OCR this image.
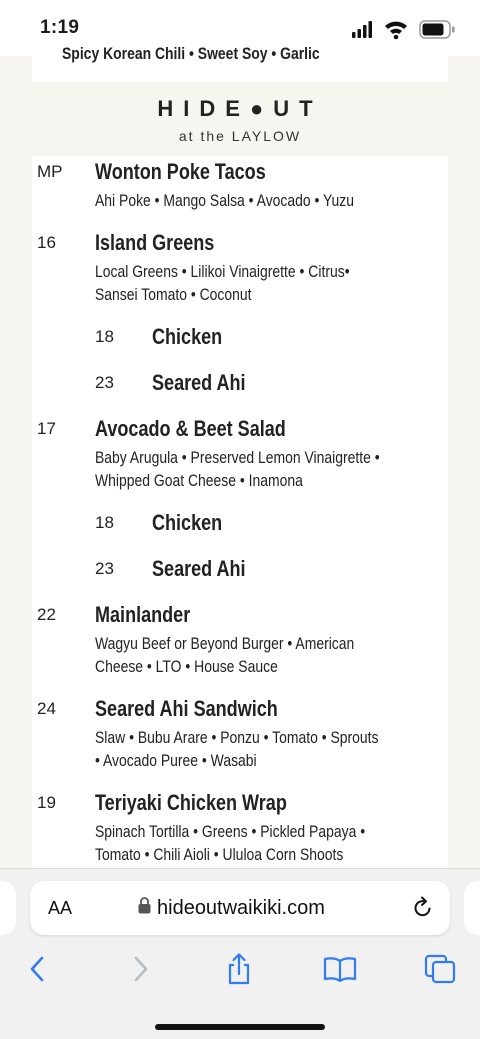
1:19
Spicy Korean Chili • Sweet Soy • Garlic
HIDE●UT
at the LAYLOW
MP Wonton Poke Tacos
Ahi Poke • Mango Salsa • Avocado • Yuzu
16 Island Greens
Local Greens • Lilikoi Vinaigrette • Citrus•
Sansei Tomato • Coconut
18 Chicken
23 Seared Ahi
17 Avocado & Beet Salad
Baby Arugula • Preserved Lemon Vinaigrette •
Whipped Goat Cheese • Inamona
18 Chicken
23 Seared Ahi
22 Mainlander
Wagyu Beef or Beyond Burger • American
Cheese • LTO • House Sauce
24 Seared Ahi Sandwich
Slaw • Bubu Arare • Ponzu • Tomato • Sprouts
• Avocado Puree • Wasabi
19 Teriyaki Chicken Wrap
Spinach Tortilla • Greens • Pickled Papaya •
Tomato • Chili Aioli • Ululoa Corn Shoots
AA	hideoutwaikiki.com
